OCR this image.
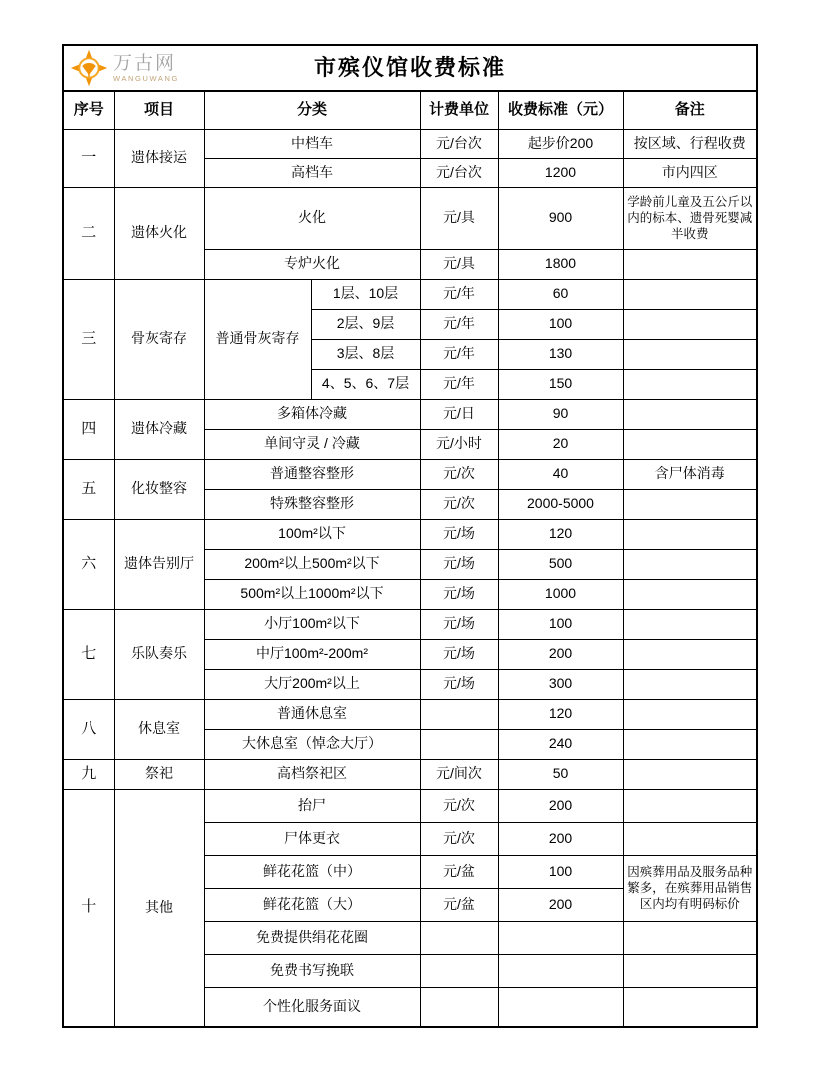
万古网
WANGUWANG 市殡仪馆收费标准						
序号	项目	分类		计费单位	收费标准（元）	备注
一	遗体接运	中档车		元/台次	起步价200	按区域、行程收费
		高档车		元/台次	1200	市内四区
二	遗体火化	火化		元/具	900	学龄前儿童及五公斤以内的标本、遗骨死婴减半收费
		专炉火化		元/具	1800	
三	骨灰寄存	普通骨灰寄存	1层、10层	元/年	60	
			2层、9层	元/年	100	
			3层、8层	元/年	130	
			4、5、6、7层	元/年	150	
四	遗体冷藏	多箱体冷藏		元/日	90	
		单间守灵 / 冷藏		元/小时	20	
五	化妆整容	普通整容整形		元/次	40	含尸体消毒
		特殊整容整形		元/次	2000-5000	
六	遗体告别厅	100m²以下		元/场	120	
		200m²以上500m²以下		元/场	500	
		500m²以上1000m²以下		元/场	1000	
七	乐队奏乐	小厅100m²以下		元/场	100	
		中厅100m²-200m²		元/场	200	
		大厅200m²以上		元/场	300	
八	休息室	普通休息室			120	
		大休息室（悼念大厅）			240	
九	祭祀	高档祭祀区		元/间次	50	
十	其他	抬尸		元/次	200	
		尸体更衣		元/次	200	
		鲜花花篮（中）		元/盆	100	因殡葬用品及服务品种繁多，在殡葬用品销售区内均有明码标价
		鲜花花篮（大）		元/盆	200	
		免费提供绢花花圈				
		免费书写挽联				
		个性化服务面议				
